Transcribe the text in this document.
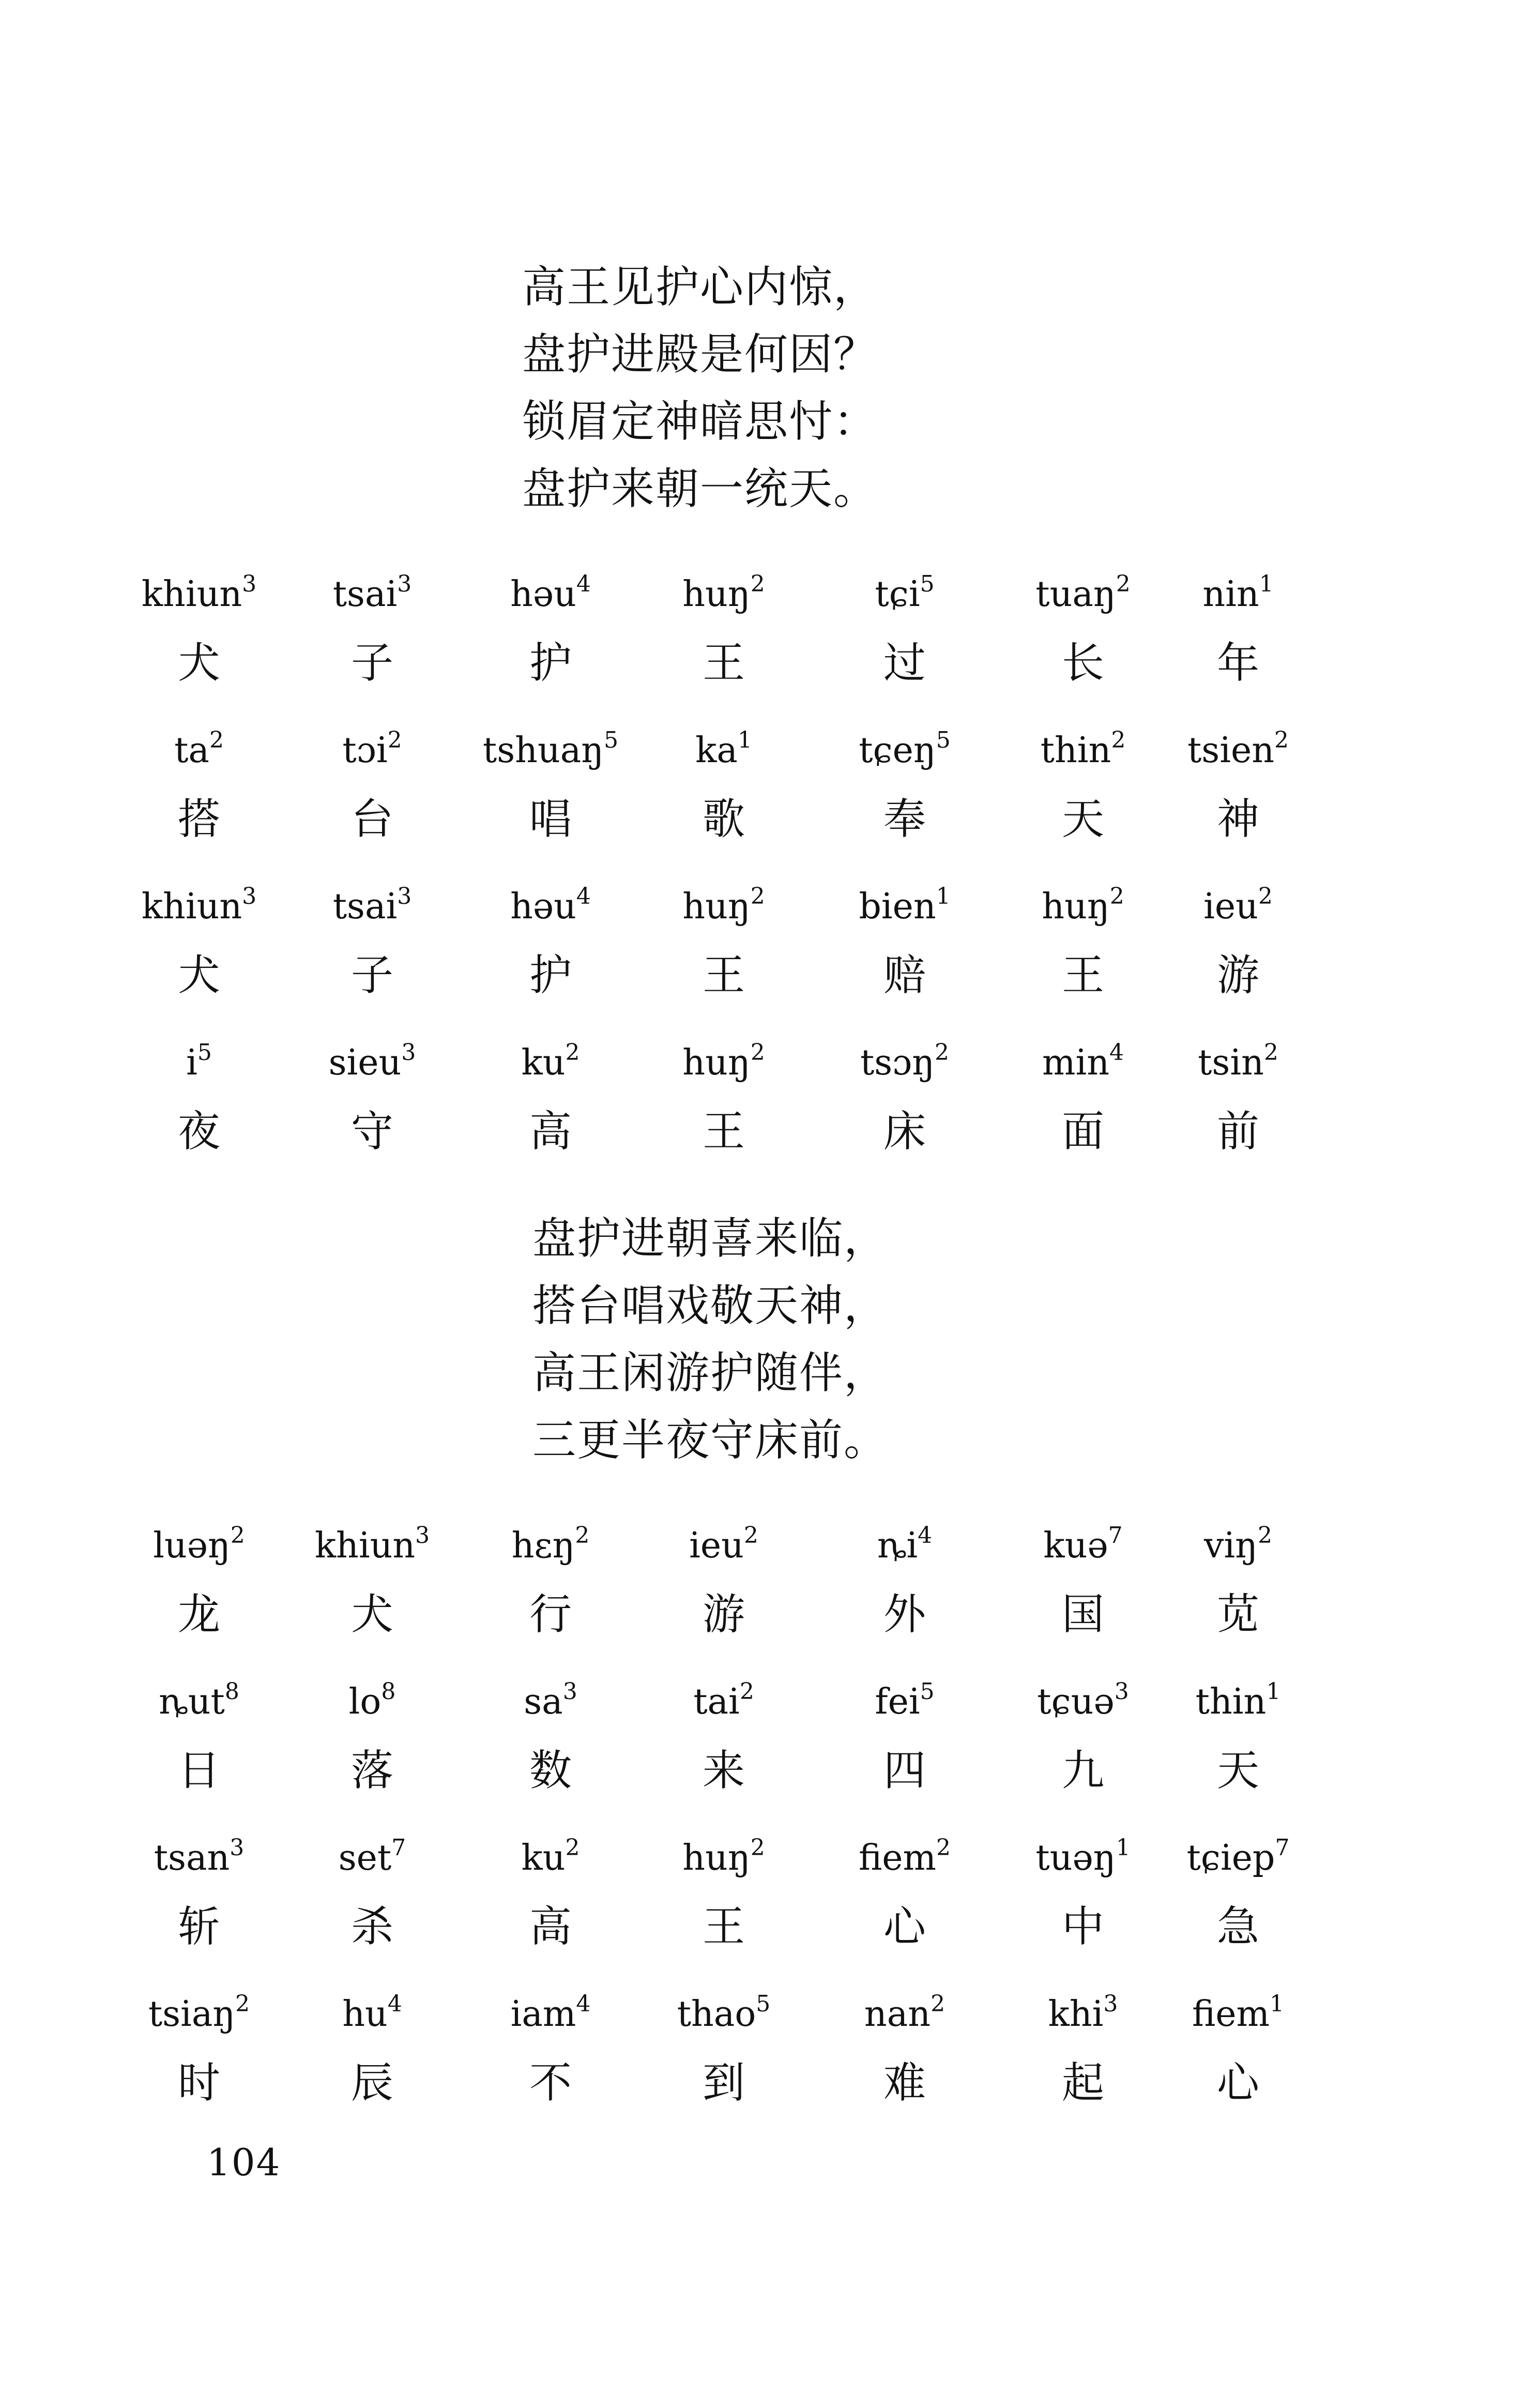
高王见护心内惊，
盘护进殿是何因？
锁眉定神暗思忖：
盘护来朝一统天。
khiun$^3$
犬
tsai$^3$
子
həu$^4$
护
huŋ$^2$
王
tɕi$^5$
过
tuaŋ$^2$
长
nin$^1$
年
$ta^2$
搭
tɔi$^2$
台
tshuaŋ$^5$
唱
$ka^1$
歌
tɕeŋ$^5$
奉
thin$^2$
天
tsien$^2$
神
khiun$^3$
犬
tsai$^3$
子
həu$^4$
护
huŋ$^2$
王
bien$^1$
赔
huŋ$^2$
王
ieu$^2$
游
$i^5$
夜
sieu$^3$
守
$ku^2$
高
huŋ$^2$
王
tsɔŋ$^2$
床
$\min^4$
面
tsin$^2$
前
盘护进朝喜来临，
搭台唱戏敬天神，
高王闲游护随伴，
三更半夜守床前。
luəŋ$^2$
龙
khiun$^3$
犬
hɛŋ$^2$
行
ieu$^2$
游
$ȵi^4$
外
kuə$^7$
国
viŋ$^2$
苋
ȵut$^8$
日
$lo^8$
落
$sa^3$
数
tai$^2$
来
fei$^5$
四
tɕuə$^3$
九
thin$^1$
天
tsan$^3$
斩
set$^7$
杀
$ku^2$
高
huŋ$^2$
王
fiem$^2$
心
tuəŋ$^1$
中
tɕiep$^7$
急
tsiaŋ$^2$
时
$hu^4$
辰
iam$^4$
不
thao$^5$
到
nan$^2$
难
khi$^3$
起
fiem$^1$
心
104
